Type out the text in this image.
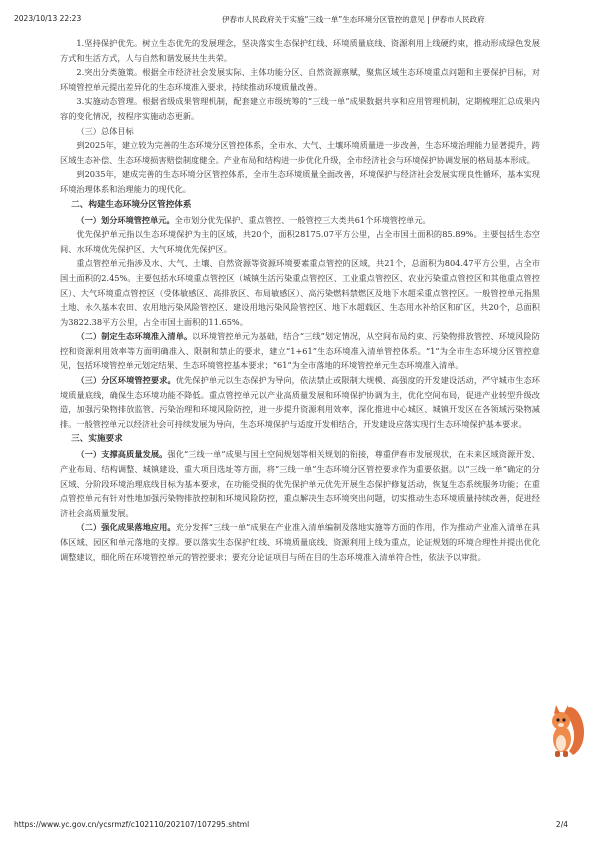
2023/10/13 22:23	伊春市人民政府关于实施“三线一单”生态环境分区管控的意见 | 伊春市人民政府

1.坚持保护优先。树立生态优先的发展理念，坚决落实生态保护红线、环境质量底线、资源利用上线硬约束，推动形成绿色发展方式和生活方式，人与自然和谐发展共生共荣。

2.突出分类施策。根据全市经济社会发展实际、主体功能分区、自然资源禀赋，聚焦区域生态环境重点问题和主要保护目标，对环境管控单元提出差异化的生态环境准入要求，持续推动环境质量改善。

3.实施动态管理。根据省级成果管理机制，配套建立市级统筹的“三线一单”成果数据共享和应用管理机制，定期梳理汇总成果内容的变化情况，按程序实施动态更新。

（三）总体目标

到2025年，建立较为完善的生态环境分区管控体系，全市水、大气、土壤环境质量进一步改善，生态环境治理能力显著提升，跨区域生态补偿、生态环境损害赔偿制度健全。产业布局和结构进一步优化升级，全市经济社会与环境保护协调发展的格局基本形成。

到2035年，建成完善的生态环境分区管控体系，全市生态环境质量全面改善，环境保护与经济社会发展实现良性循环，基本实现环境治理体系和治理能力的现代化。

二、构建生态环境分区管控体系

（一）划分环境管控单元。全市划分优先保护、重点管控、一般管控三大类共61个环境管控单元。

优先保护单元指以生态环境保护为主的区域，共20个，面积28175.07平方公里，占全市国土面积的85.89%。主要包括生态空间、水环境优先保护区、大气环境优先保护区。

重点管控单元指涉及水、大气、土壤、自然资源等资源环境要素重点管控的区域，共21个，总面积为804.47平方公里，占全市国土面积的2.45%。主要包括水环境重点管控区（城镇生活污染重点管控区、工业重点管控区、农业污染重点管控区和其他重点管控区）、大气环境重点管控区（受体敏感区、高排放区、布局敏感区）、高污染燃料禁燃区及地下水超采重点管控区。一般管控单元指黑土地、永久基本农田、农用地污染风险管控区、建设用地污染风险管控区、地下水超载区、生态用水补给区和矿区，共20个，总面积为3822.38平方公里，占全市国土面积的11.65%。

（二）制定生态环境准入清单。以环境管控单元为基础，结合“三线”划定情况，从空间布局约束、污染物排放管控、环境风险防控和资源利用效率等方面明确准入、限制和禁止的要求，建立“1+61”生态环境准入清单管控体系。“1”为全市生态环境分区管控意见，包括环境管控单元划定结果、生态环境管控基本要求；“61”为全市落地的环境管控单元生态环境准入清单。

（三）分区环境管控要求。优先保护单元以生态保护为导向，依法禁止或限制大规模、高强度的开发建设活动，严守城市生态环境质量底线，确保生态环境功能不降低。重点管控单元以产业高质量发展和环境保护协调为主，优化空间布局，促进产业转型升级改造，加强污染物排放监管、污染治理和环境风险防控，进一步提升资源利用效率，深化推进中心城区、城镇开发区在各领域污染物减排。一般管控单元以经济社会可持续发展为导向，生态环境保护与适度开发相结合，开发建设应落实现行生态环境保护基本要求。

三、实施要求

（一）支撑高质量发展。强化“三线一单”成果与国土空间规划等相关规划的衔接，尊重伊春市发展现状，在未来区域资源开发、产业布局、结构调整、城镇建设、重大项目选址等方面，将“三线一单”生态环境分区管控要求作为重要依据。以“三线一单”确定的分区域、分阶段环境治理底线目标为基本要求，在功能受损的优先保护单元优先开展生态保护修复活动，恢复生态系统服务功能；在重点管控单元有针对性地加强污染物排放控制和环境风险防控，重点解决生态环境突出问题，切实推动生态环境质量持续改善，促进经济社会高质量发展。

（二）强化成果落地应用。充分发挥“三线一单”成果在产业准入清单编制及落地实施等方面的作用，作为推动产业准入清单在具体区域、园区和单元落地的支撑。要以落实生态保护红线、环境质量底线、资源利用上线为重点，论证规划的环境合理性并提出优化调整建议，细化所在环境管控单元的管控要求；要充分论证项目与所在目的生态环境准入清单符合性，依法予以审批。

https://www.yc.gov.cn/ycsrmzf/c102110/202107/107295.shtml	2/4
